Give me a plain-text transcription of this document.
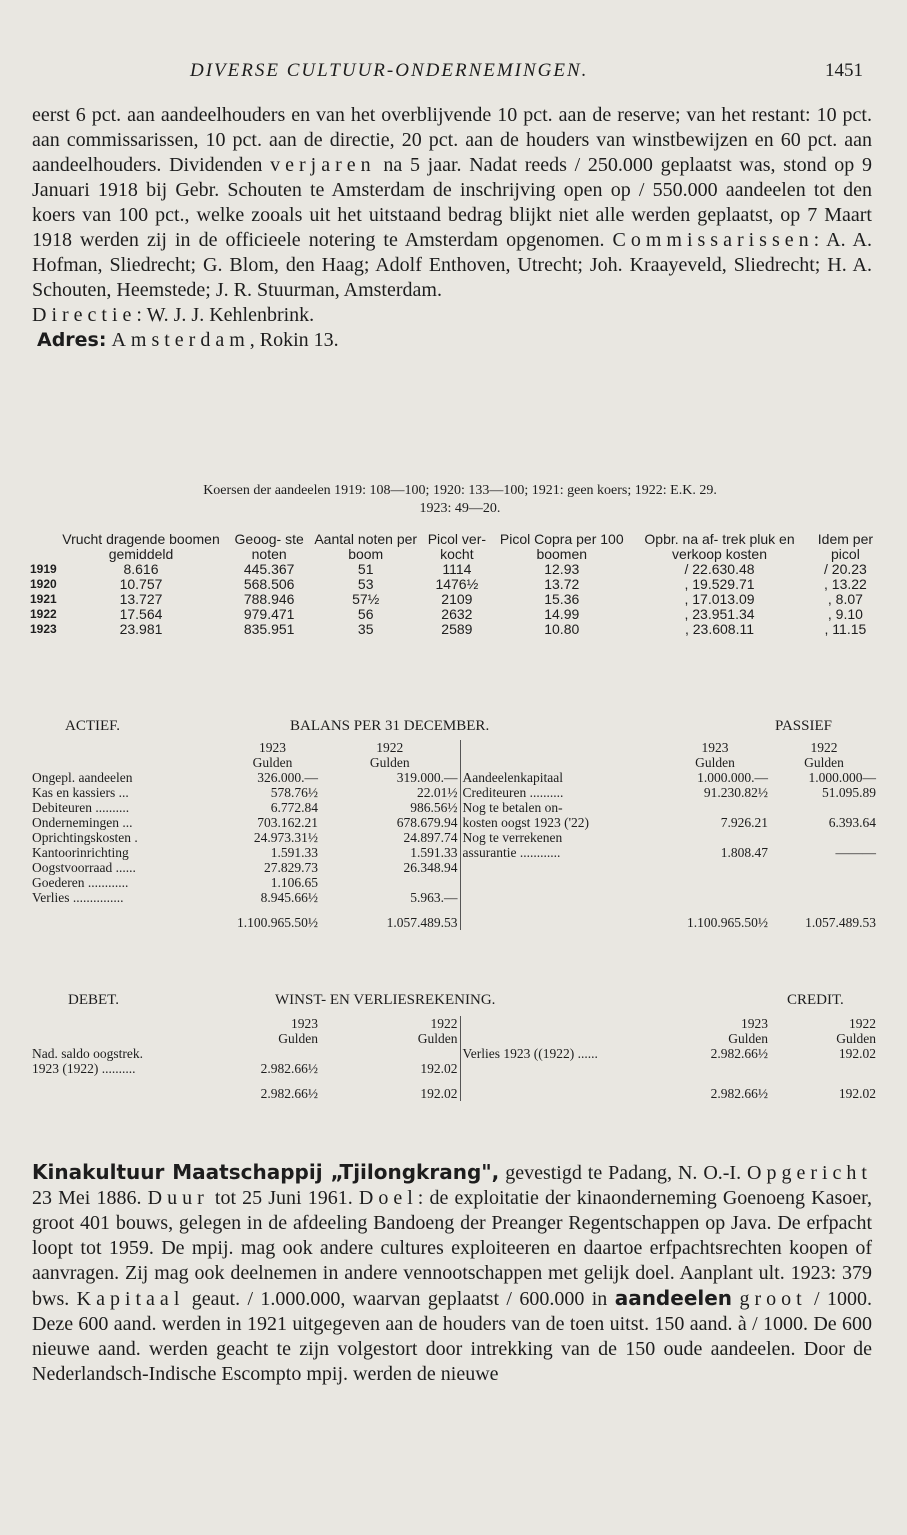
DIVERSE CULTUUR-ONDERNEMINGEN.	1451

eerst 6 pct. aan aandeelhouders en van het overblijvende 10 pct. aan de reserve; van het restant: 10 pct. aan commissarissen, 10 pct. aan de directie, 20 pct. aan de houders van winstbewijzen en 60 pct. aan aandeelhouders. Dividenden verjaren na 5 jaar. Nadat reeds / 250.000 geplaatst was, stond op 9 Januari 1918 bij Gebr. Schouten te Amsterdam de inschrijving open op / 550.000 aandeelen tot den koers van 100 pct., welke zooals uit het uitstaand bedrag blijkt niet alle werden geplaatst, op 7 Maart 1918 werden zij in de officieele notering te Amsterdam opgenomen. Commissarissen: A. A. Hofman, Sliedrecht; G. Blom, den Haag; Adolf Enthoven, Utrecht; Joh. Kraayeveld, Sliedrecht; H. A. Schouten, Heemstede; J. R. Stuurman, Amsterdam.

Directie: W. J. J. Kehlenbrink.

Adres: Amsterdam, Rokin 13.

Koersen der aandeelen 1919: 108—100; 1920: 133—100; 1921: geen koers; 1922: E.K. 29.
1923: 49—20.
	Vrucht dragende boomen gemiddeld	Geoog- ste noten	Aantal noten per boom	Picol ver- kocht	Picol Copra per 100 boomen	Opbr. na af- trek pluk en verkoop kosten	Idem per picol
1919	8.616	445.367	51	1114	12.93	/ 22.630.48	/ 20.23
1920	10.757	568.506	53	1476½	13.72	, 19.529.71	, 13.22
1921	13.727	788.946	57½	2109	15.36	, 17.013.09	, 8.07
1922	17.564	979.471	56	2632	14.99	, 23.951.34	, 9.10
1923	23.981	835.951	35	2589	10.80	, 23.608.11	, 11.15
ACTIEF.	BALANS PER 31 DECEMBER.	PASSIEF
	1923	1922		1923	1922
	Gulden	Gulden		Gulden	Gulden
Ongepl. aandeelen	326.000.—	319.000.—	Aandeelenkapitaal	1.000.000.—	1.000.000—
Kas en kassiers ...	578.76½	22.01½	Crediteuren ..........	91.230.82½	51.095.89
Debiteuren ..........	6.772.84	986.56½	Nog te betalen on-		
Ondernemingen ...	703.162.21	678.679.94	kosten oogst 1923 ('22)	7.926.21	6.393.64
Oprichtingskosten .	24.973.31½	24.897.74	Nog te verrekenen		
Kantoorinrichting	1.591.33	1.591.33	assurantie ............	1.808.47	———
Oogstvoorraad ......	27.829.73	26.348.94			
Goederen ............	1.106.65				
Verlies ...............	8.945.66½	5.963.—			
	1.100.965.50½	1.057.489.53		1.100.965.50½	1.057.489.53
DEBET.	WINST- EN VERLIESREKENING.	CREDIT.
	1923	1922		1923	1922
	Gulden	Gulden		Gulden	Gulden
Nad. saldo oogstrek.			Verlies 1923 ((1922) ......	2.982.66½	192.02
1923 (1922) ..........	2.982.66½	192.02			
	2.982.66½	192.02		2.982.66½	192.02

Kinakultuur Maatschappij „Tjilongkrang", gevestigd te Padang, N. O.-I. Opgericht 23 Mei 1886. Duur tot 25 Juni 1961. Doel: de exploitatie der kinaonderneming Goenoeng Kasoer, groot 401 bouws, gelegen in de afdeeling Bandoeng der Preanger Regentschappen op Java. De erfpacht loopt tot 1959. De mpij. mag ook andere cultures exploiteeren en daartoe erfpachtsrechten koopen of aanvragen. Zij mag ook deelnemen in andere vennootschappen met gelijk doel. Aanplant ult. 1923: 379 bws. Kapitaal geaut. / 1.000.000, waarvan geplaatst / 600.000 in aandeelen groot / 1000. Deze 600 aand. werden in 1921 uitgegeven aan de houders van de toen uitst. 150 aand. à / 1000. De 600 nieuwe aand. werden geacht te zijn volgestort door intrekking van de 150 oude aandeelen. Door de Nederlandsch-Indische Escompto mpij. werden de nieuwe
